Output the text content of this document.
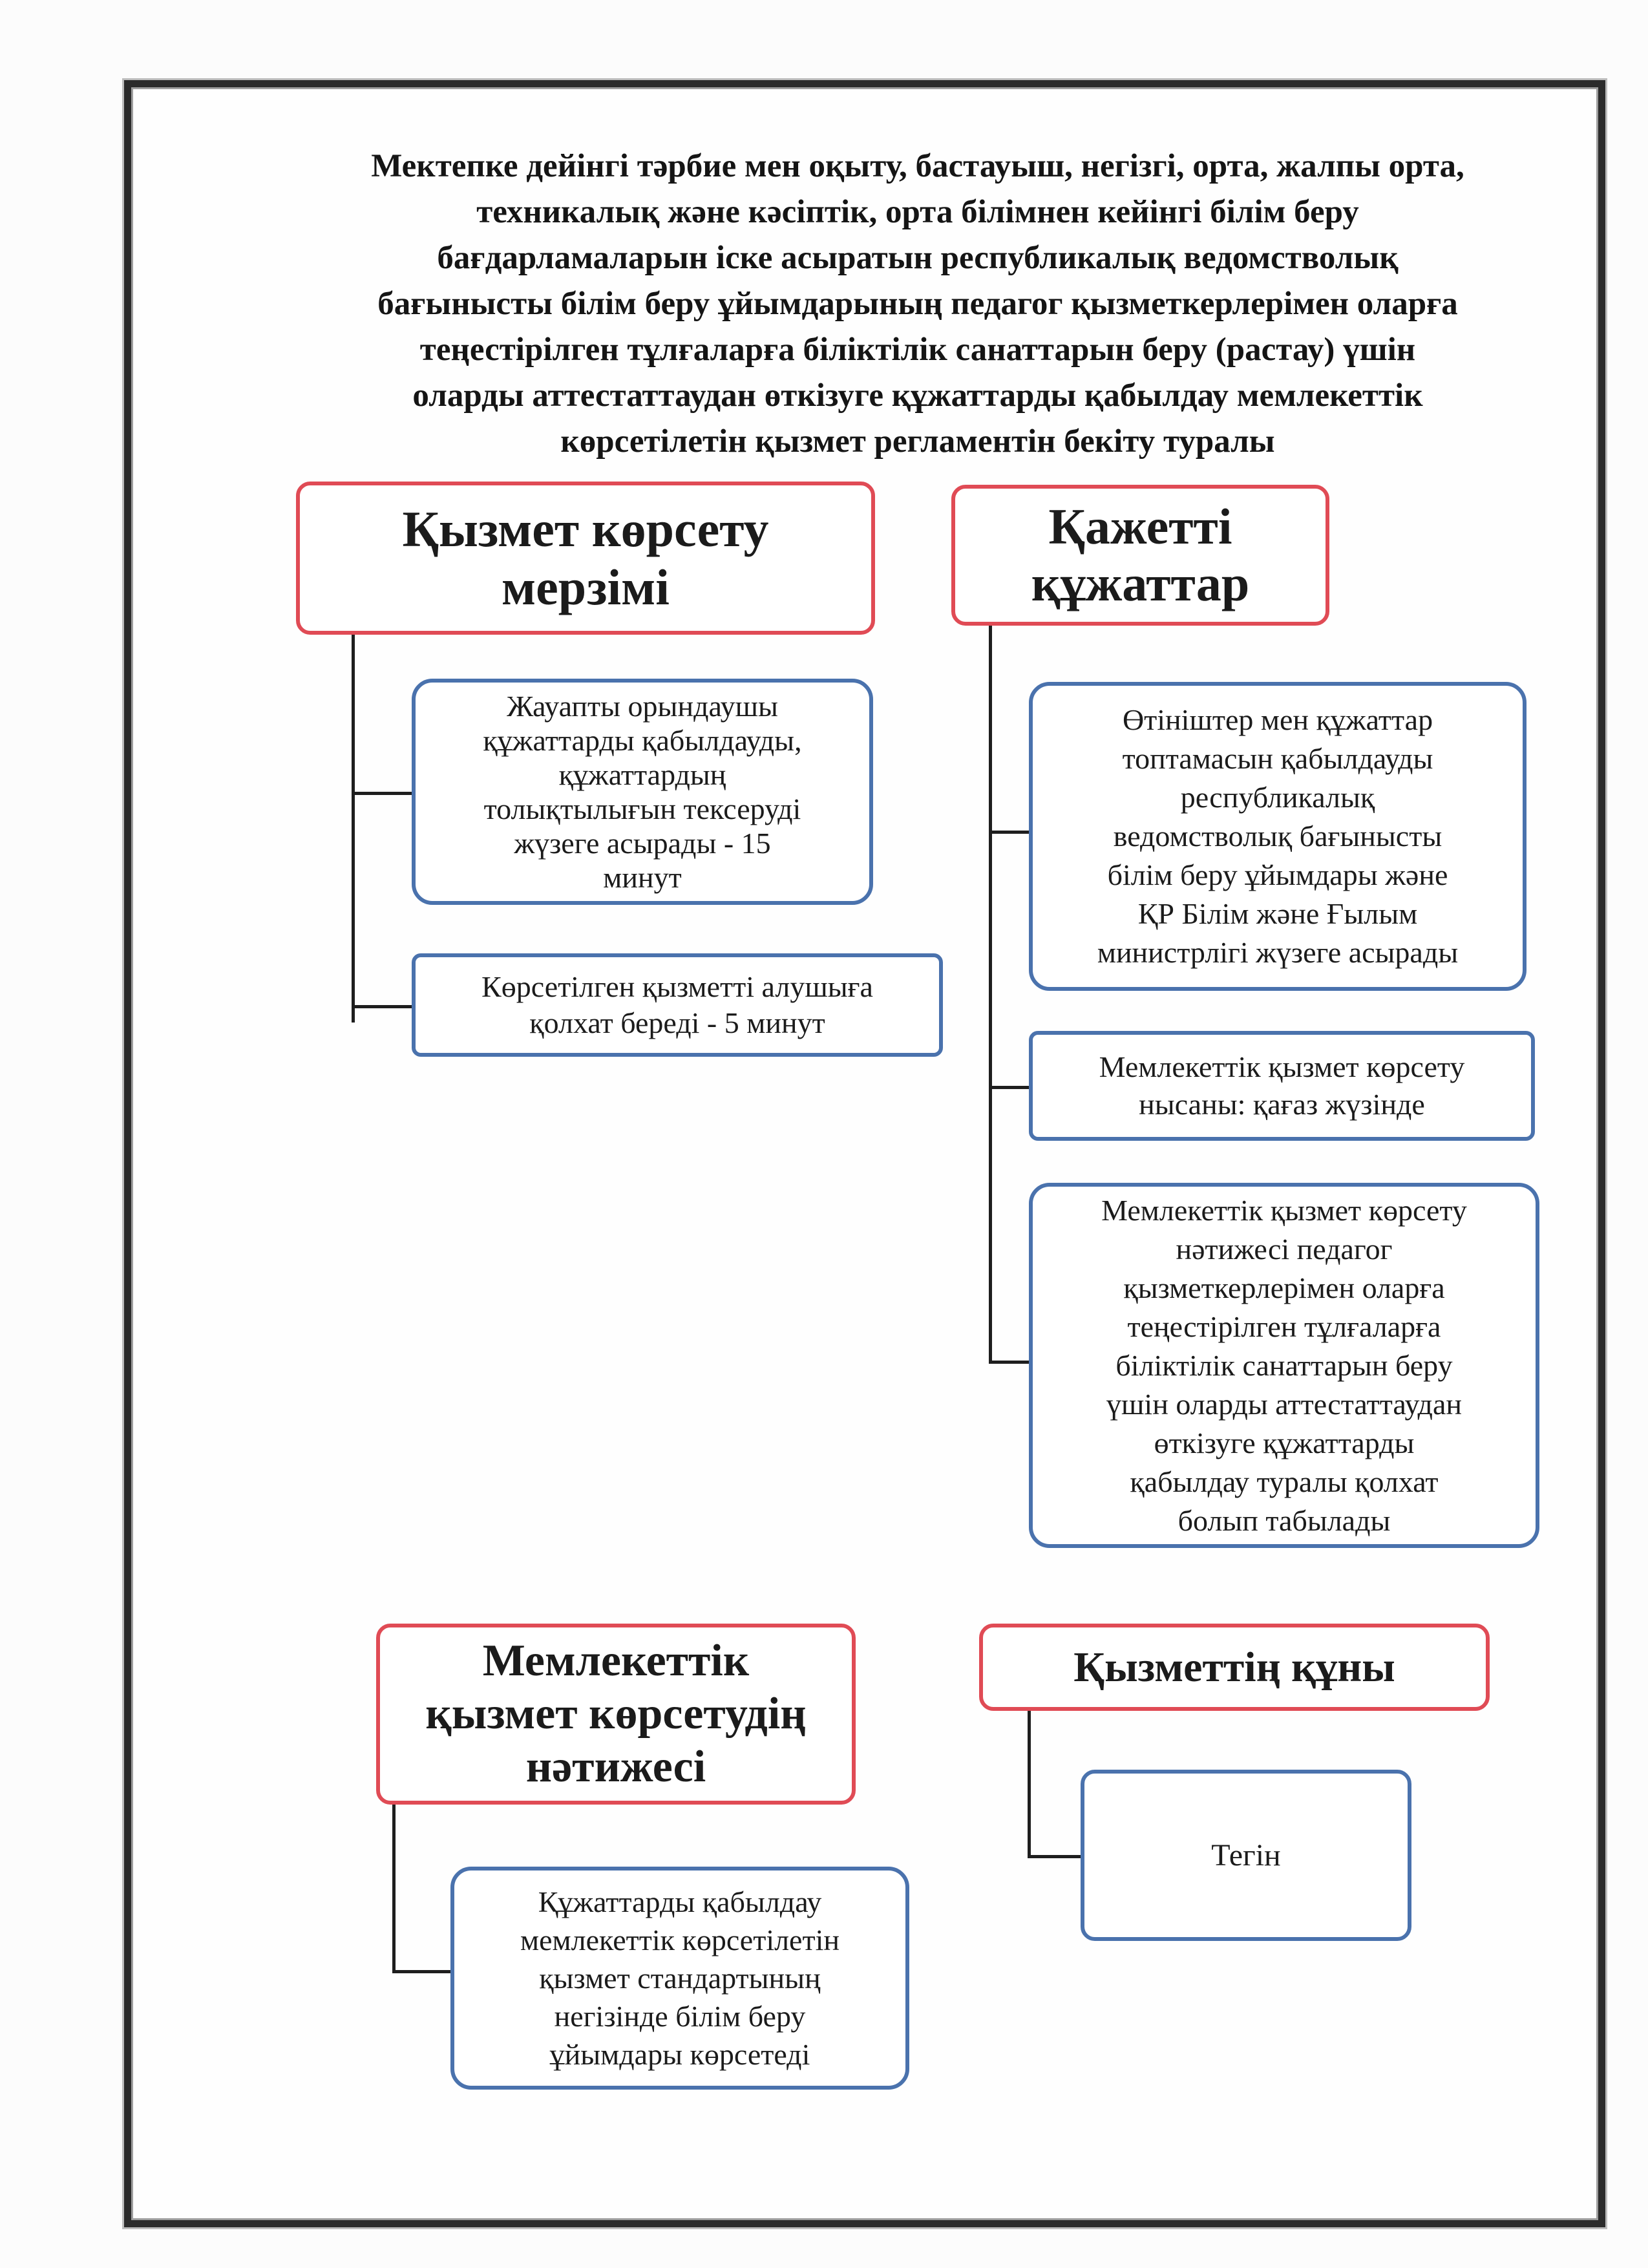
Мектепке дейінгі тәрбие мен оқыту, бастауыш, негізгі, орта, жалпы орта,
техникалық және кәсіптік, орта білімнен кейінгі білім беру
бағдарламаларын іске асыратын республикалық ведомстволық
бағынысты білім беру ұйымдарының педагог қызметкерлерімен оларға
теңестірілген тұлғаларға біліктілік санаттарын беру (растау) үшін
оларды аттестаттаудан өткізуге құжаттарды қабылдау мемлекеттік
көрсетілетін қызмет регламентін бекіту туралы
Қызмет көрсету
мерзімі
Жауапты орындаушы
құжаттарды қабылдауды,
құжаттардың
толықтылығын тексеруді
жүзеге асырады - 15
минут
Көрсетілген қызметті алушыға
қолхат береді - 5 минут
Қажетті
құжаттар
Өтініштер мен құжаттар
топтамасын қабылдауды
республикалық
ведомстволық бағынысты
білім беру ұйымдары және
ҚР Білім және Ғылым
министрлігі жүзеге асырады
Мемлекеттік қызмет көрсету
нысаны: қағаз жүзінде
Мемлекеттік қызмет көрсету
нәтижесі педагог
қызметкерлерімен оларға
теңестірілген тұлғаларға
біліктілік санаттарын беру
үшін оларды аттестаттаудан
өткізуге құжаттарды
қабылдау туралы қолхат
болып табылады
Мемлекеттік
қызмет көрсетудің
нәтижесі
Құжаттарды қабылдау
мемлекеттік көрсетілетін
қызмет стандартының
негізінде білім беру
ұйымдары көрсетеді
Қызметтің құны
Тегін
